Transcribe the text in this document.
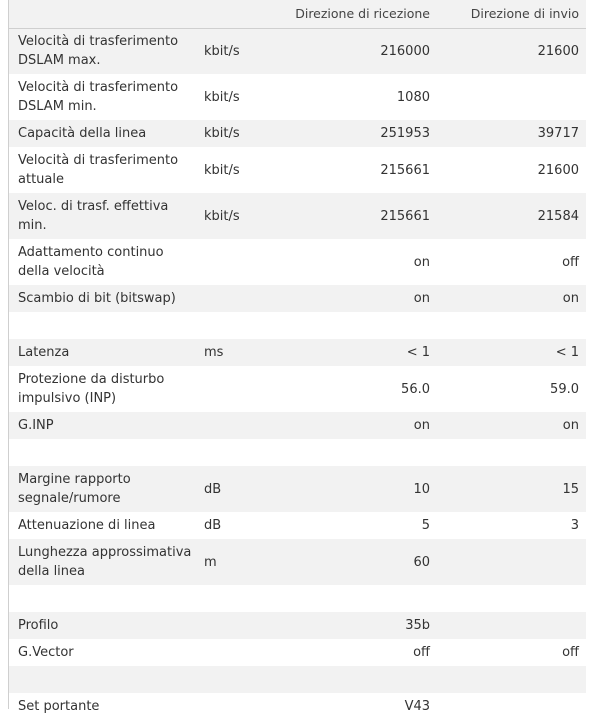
		Direzione di ricezione	Direzione di invio
Velocità di trasferimento DSLAM max.	kbit/s	216000	21600
Velocità di trasferimento DSLAM min.	kbit/s	1080	
Capacità della linea	kbit/s	251953	39717
Velocità di trasferimento attuale	kbit/s	215661	21600
Veloc. di trasf. effettiva min.	kbit/s	215661	21584
Adattamento continuo della velocità		on	off
Scambio di bit (bitswap)		on	on

Latenza	ms	< 1	< 1
Protezione da disturbo impulsivo (INP)		56.0	59.0
G.INP		on	on

Margine rapporto segnale/rumore	dB	10	15
Attenuazione di linea	dB	5	3
Lunghezza approssimativa della linea	m	60	

Profilo		35b	
G.Vector		off	off

Set portante		V43	
